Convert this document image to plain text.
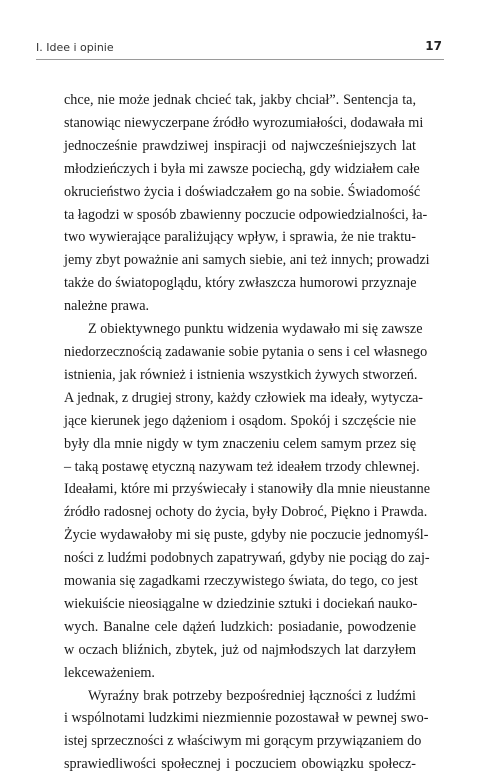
I. Idee i opinie	17
chce, nie może jednak chcieć tak, jakby chciał”. Sentencja ta,
stanowiąc niewyczerpane źródło wyrozumiałości, dodawała mi
jednocześnie prawdziwej inspiracji od najwcześniejszych lat
młodzieńczych i była mi zawsze pociechą, gdy widziałem całe
okrucieństwo życia i doświadczałem go na sobie. Świadomość
ta łagodzi w sposób zbawienny poczucie odpowiedzialności, ła-
two wywierające paraliżujący wpływ, i sprawia, że nie traktu-
jemy zbyt poważnie ani samych siebie, ani też innych; prowadzi
także do światopoglądu, który zwłaszcza humorowi przyznaje
należne prawa.
Z obiektywnego punktu widzenia wydawało mi się zawsze
niedorzecznością zadawanie sobie pytania o sens i cel własnego
istnienia, jak również i istnienia wszystkich żywych stworzeń.
A jednak, z drugiej strony, każdy człowiek ma ideały, wytycza-
jące kierunek jego dążeniom i osądom. Spokój i szczęście nie
były dla mnie nigdy w tym znaczeniu celem samym przez się
– taką postawę etyczną nazywam też ideałem trzody chlewnej.
Ideałami, które mi przyświecały i stanowiły dla mnie nieustanne
źródło radosnej ochoty do życia, były Dobroć, Piękno i Prawda.
Życie wydawałoby mi się puste, gdyby nie poczucie jednomyśl-
ności z ludźmi podobnych zapatrywań, gdyby nie pociąg do zaj-
mowania się zagadkami rzeczywistego świata, do tego, co jest
wiekuiście nieosiągalne w dziedzinie sztuki i dociekań nauko-
wych. Banalne cele dążeń ludzkich: posiadanie, powodzenie
w oczach bliźnich, zbytek, już od najmłodszych lat darzyłem
lekceważeniem.
Wyraźny brak potrzeby bezpośredniej łączności z ludźmi
i wspólnotami ludzkimi niezmiennie pozostawał w pewnej swo-
istej sprzeczności z właściwym mi gorącym przywiązaniem do
sprawiedliwości społecznej i poczuciem obowiązku społecz-
